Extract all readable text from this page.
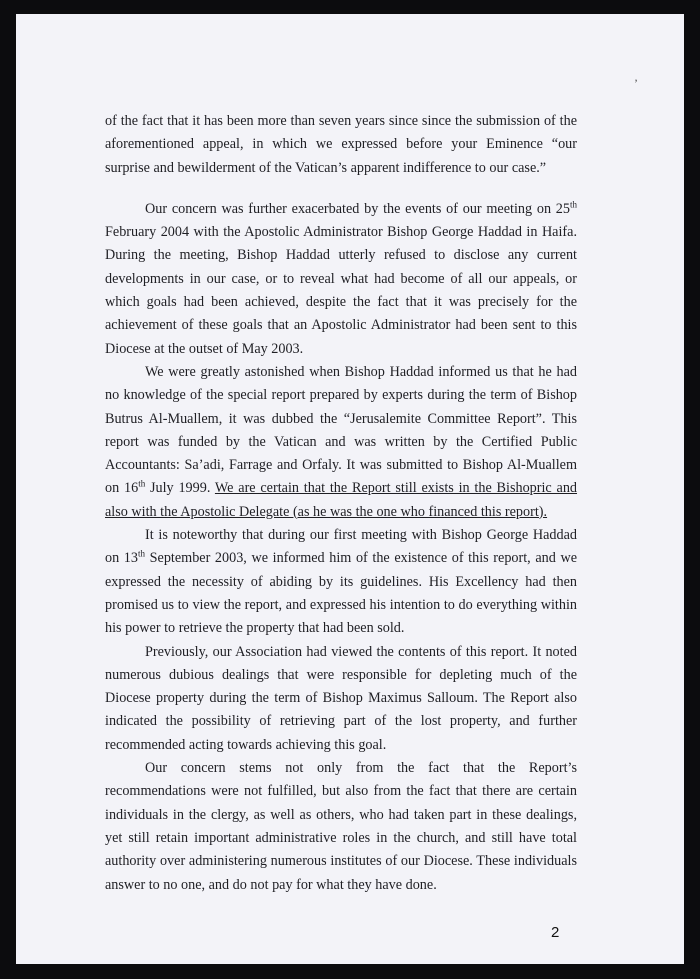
’

of the fact that it has been more than seven years since since the submission of the aforementioned appeal, in which we expressed before your Eminence “our surprise and bewilderment of the Vatican’s apparent indifference to our case.”

Our concern was further exacerbated by the events of our meeting on 25th February 2004 with the Apostolic Administrator Bishop George Haddad in Haifa. During the meeting, Bishop Haddad utterly refused to disclose any current developments in our case, or to reveal what had become of all our appeals, or which goals had been achieved, despite the fact that it was precisely for the achievement of these goals that an Apostolic Administrator had been sent to this Diocese at the outset of May 2003.

We were greatly astonished when Bishop Haddad informed us that he had no knowledge of the special report prepared by experts during the term of Bishop Butrus Al-Muallem, it was dubbed the “Jerusalemite Committee Report”. This report was funded by the Vatican and was written by the Certified Public Accountants: Sa’adi, Farrage and Orfaly. It was submitted to Bishop Al-Muallem on 16th July 1999. We are certain that the Report still exists in the Bishopric and also with the Apostolic Delegate (as he was the one who financed this report).

It is noteworthy that during our first meeting with Bishop George Haddad on 13th September 2003, we informed him of the existence of this report, and we expressed the necessity of abiding by its guidelines. His Excellency had then promised us to view the report, and expressed his intention to do everything within his power to retrieve the property that had been sold.

Previously, our Association had viewed the contents of this report. It noted numerous dubious dealings that were responsible for depleting much of the Diocese property during the term of Bishop Maximus Salloum. The Report also indicated the possibility of retrieving part of the lost property, and further recommended acting towards achieving this goal.

Our concern stems not only from the fact that the Report’s recommendations were not fulfilled, but also from the fact that there are certain individuals in the clergy, as well as others, who had taken part in these dealings, yet still retain important administrative roles in the church, and still have total authority over administering numerous institutes of our Diocese. These individuals answer to no one, and do not pay for what they have done.

2
